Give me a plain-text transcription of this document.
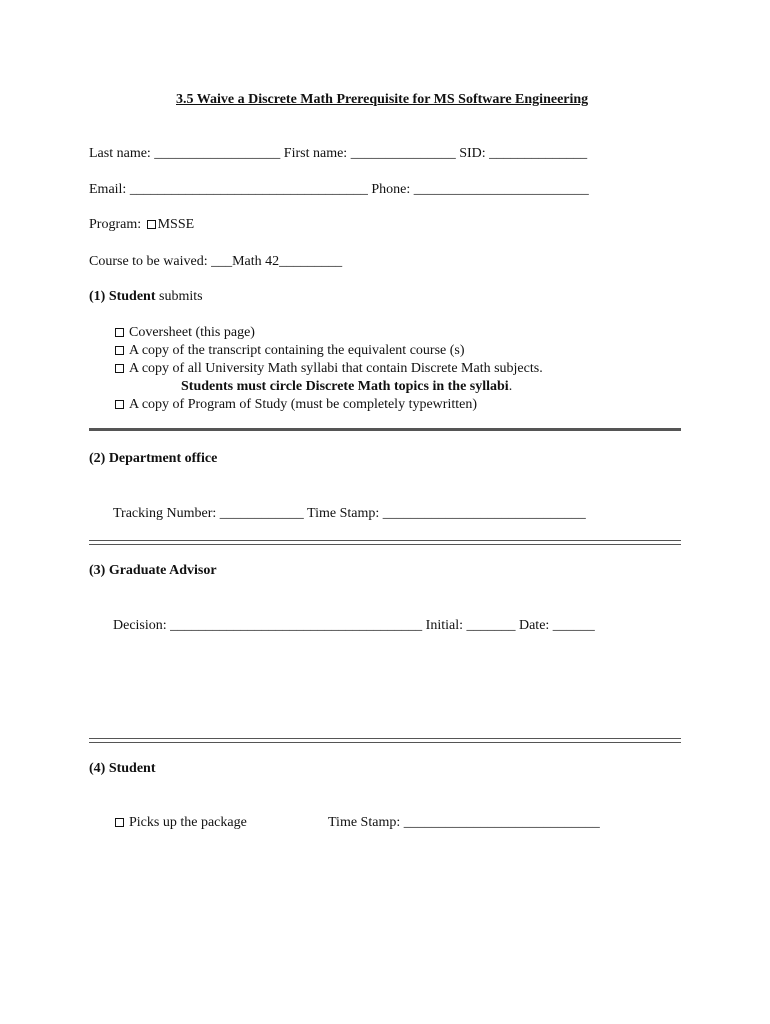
3.5 Waive a Discrete Math Prerequisite for MS Software Engineering
Last name: __________________ First name: _______________ SID: ______________
Email: __________________________________ Phone: _________________________
Program: MSSE
Course to be waived: ___Math 42_________
(1) Student submits
Coversheet (this page)
A copy of the transcript containing the equivalent course (s)
A copy of all University Math syllabi that contain Discrete Math subjects.
Students must circle Discrete Math topics in the syllabi.
A copy of Program of Study (must be completely typewritten)
(2) Department office
Tracking Number: ____________ Time Stamp: _____________________________
(3) Graduate Advisor
Decision: ____________________________________ Initial: _______ Date: ______
(4) Student
Picks up the package	Time Stamp: ____________________________
